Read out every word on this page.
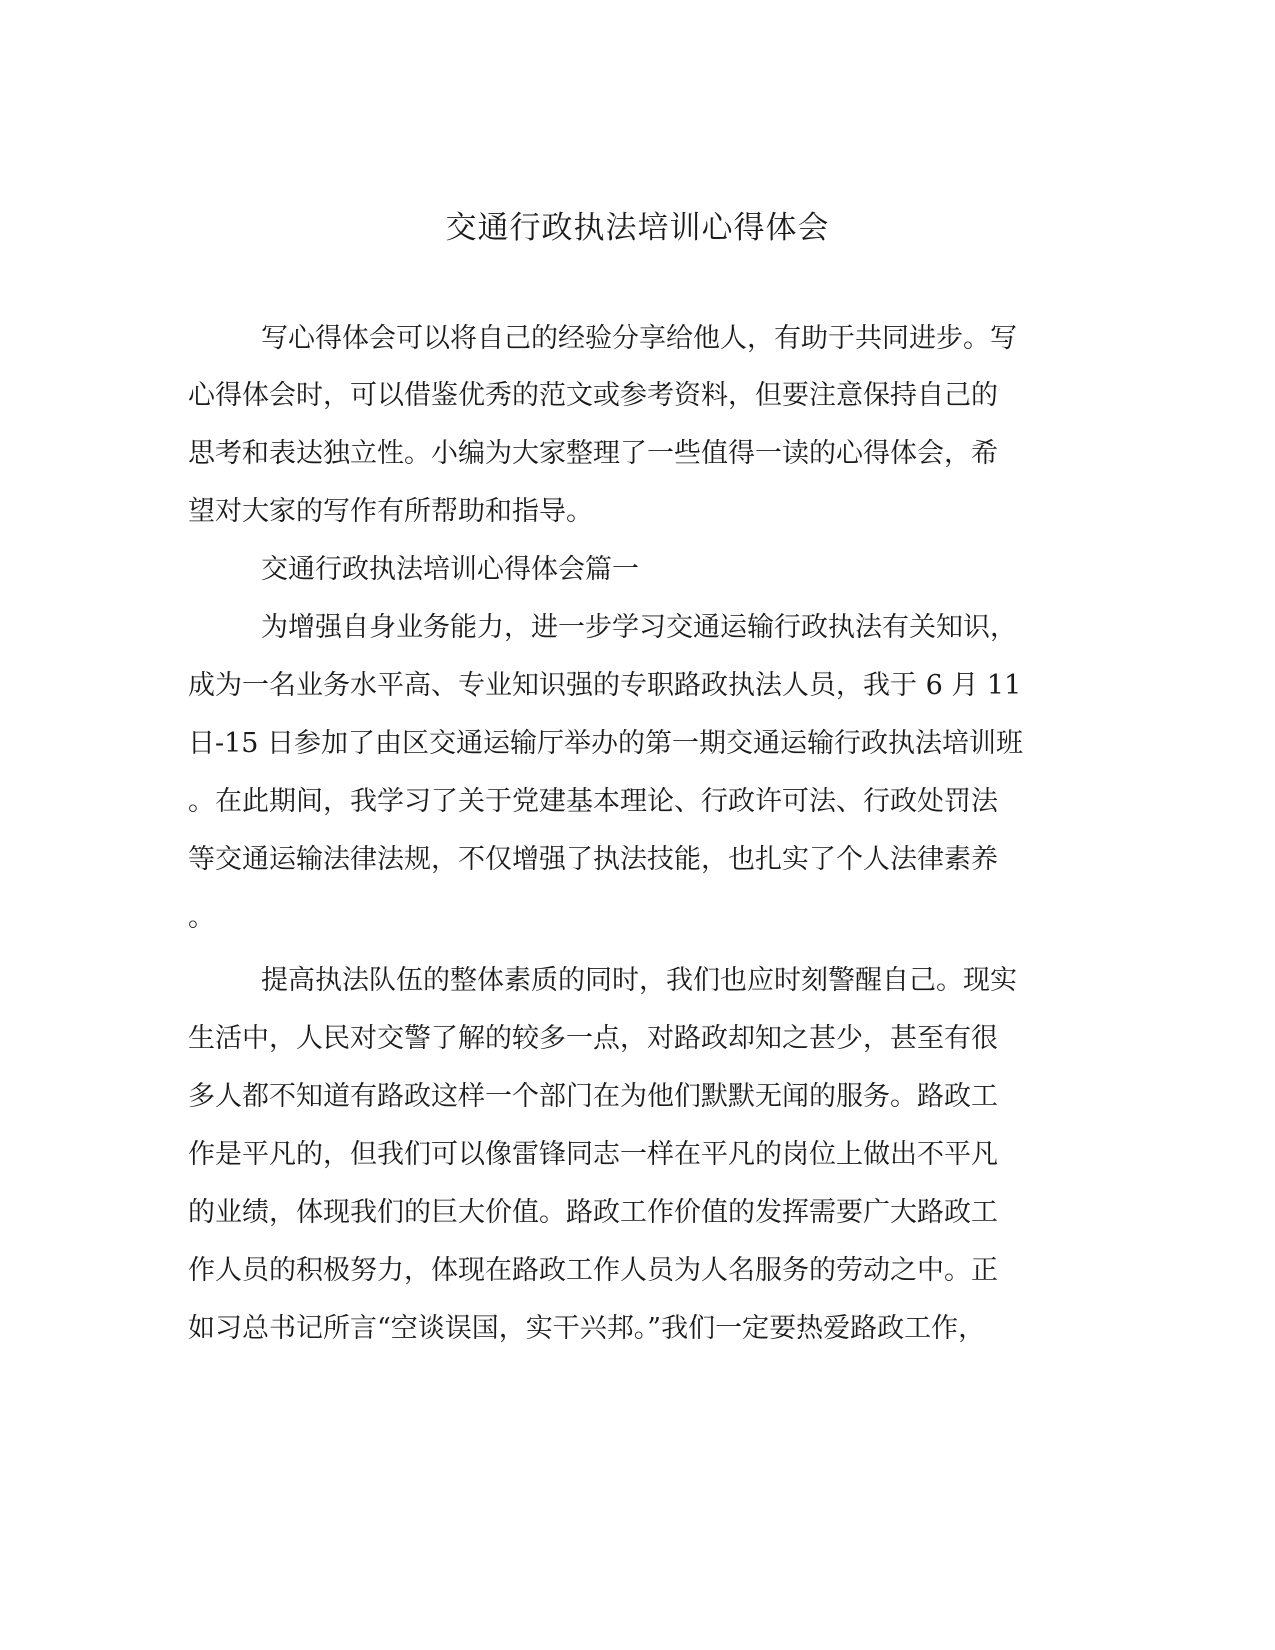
交通行政执法培训心得体会

写心得体会可以将自己的经验分享给他人，有助于共同进步。写

心得体会时，可以借鉴优秀的范文或参考资料，但要注意保持自己的

思考和表达独立性。小编为大家整理了一些值得一读的心得体会，希

望对大家的写作有所帮助和指导。

交通行政执法培训心得体会篇一

为增强自身业务能力，进一步学习交通运输行政执法有关知识，

成为一名业务水平高、专业知识强的专职路政执法人员，我于 6 月 11

日-15 日参加了由区交通运输厅举办的第一期交通运输行政执法培训班

。在此期间，我学习了关于党建基本理论、行政许可法、行政处罚法

等交通运输法律法规，不仅增强了执法技能，也扎实了个人法律素养

。

提高执法队伍的整体素质的同时，我们也应时刻警醒自己。现实

生活中，人民对交警了解的较多一点，对路政却知之甚少，甚至有很

多人都不知道有路政这样一个部门在为他们默默无闻的服务。路政工

作是平凡的，但我们可以像雷锋同志一样在平凡的岗位上做出不平凡

的业绩，体现我们的巨大价值。路政工作价值的发挥需要广大路政工

作人员的积极努力，体现在路政工作人员为人名服务的劳动之中。正

如习总书记所言“空谈误国，实干兴邦。”我们一定要热爱路政工作，
